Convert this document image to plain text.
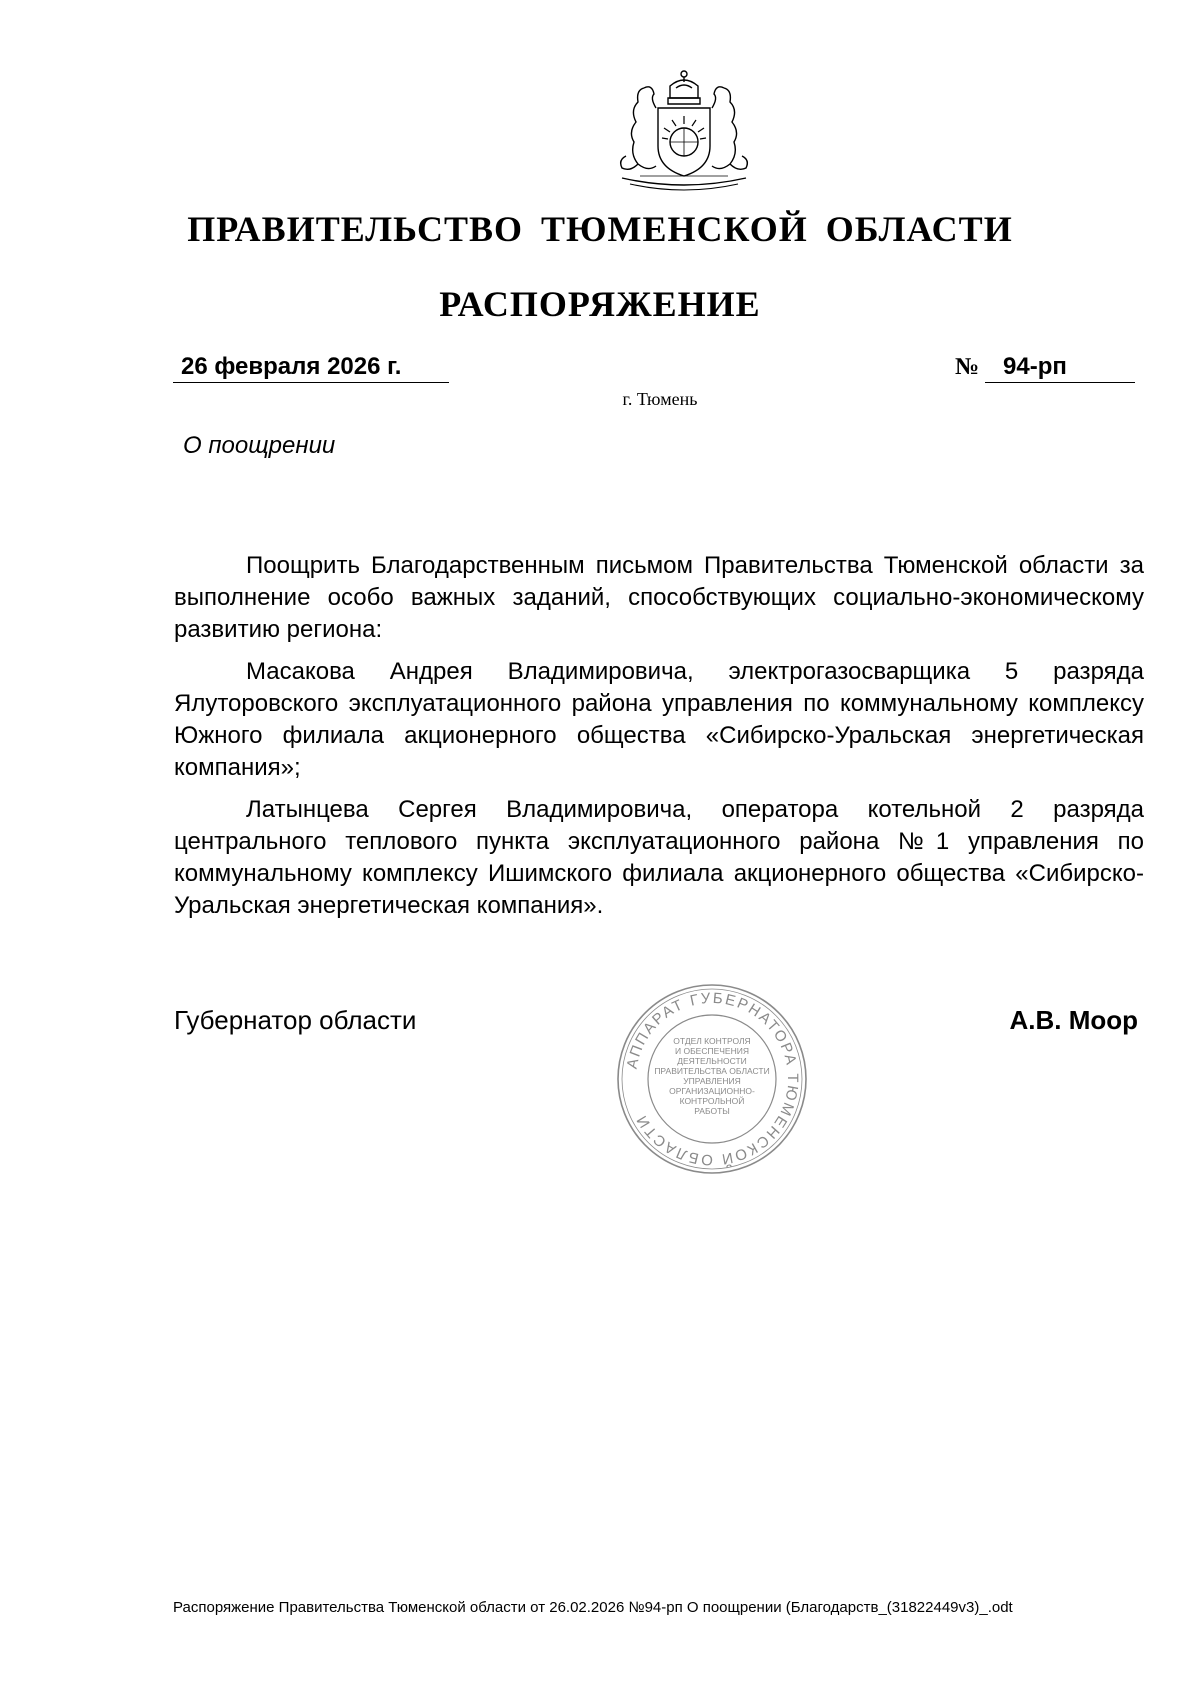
ПРАВИТЕЛЬСТВО ТЮМЕНСКОЙ ОБЛАСТИ
РАСПОРЯЖЕНИЕ
26 февраля 2026 г.	№ 94-рп
г. Тюмень
О поощрении

Поощрить Благодарственным письмом Правительства Тюменской области за выполнение особо важных заданий, способствующих социально-экономическому развитию региона:

Масакова Андрея Владимировича, электрогазосварщика 5 разряда Ялуторовского эксплуатационного района управления по коммунальному комплексу Южного филиала акционерного общества «Сибирско-Уральская энергетическая компания»;

Латынцева Сергея Владимировича, оператора котельной 2 разряда центрального теплового пункта эксплуатационного района №1 управления по коммунальному комплексу Ишимского филиала акционерного общества «Сибирско-Уральская энергетическая компания».

Губернатор области	А.В. Моор
АППАРАТ ГУБЕРНАТОРА ТЮМЕНСКОЙ ОБЛАСТИ
ОТДЕЛ КОНТРОЛЯ
И ОБЕСПЕЧЕНИЯ
ДЕЯТЕЛЬНОСТИ
ПРАВИТЕЛЬСТВА ОБЛАСТИ
УПРАВЛЕНИЯ
ОРГАНИЗАЦИОННО-
КОНТРОЛЬНОЙ
РАБОТЫ
Распоряжение Правительства Тюменской области от 26.02.2026 №94-рп О поощрении (Благодарств_(31822449v3)_.odt
